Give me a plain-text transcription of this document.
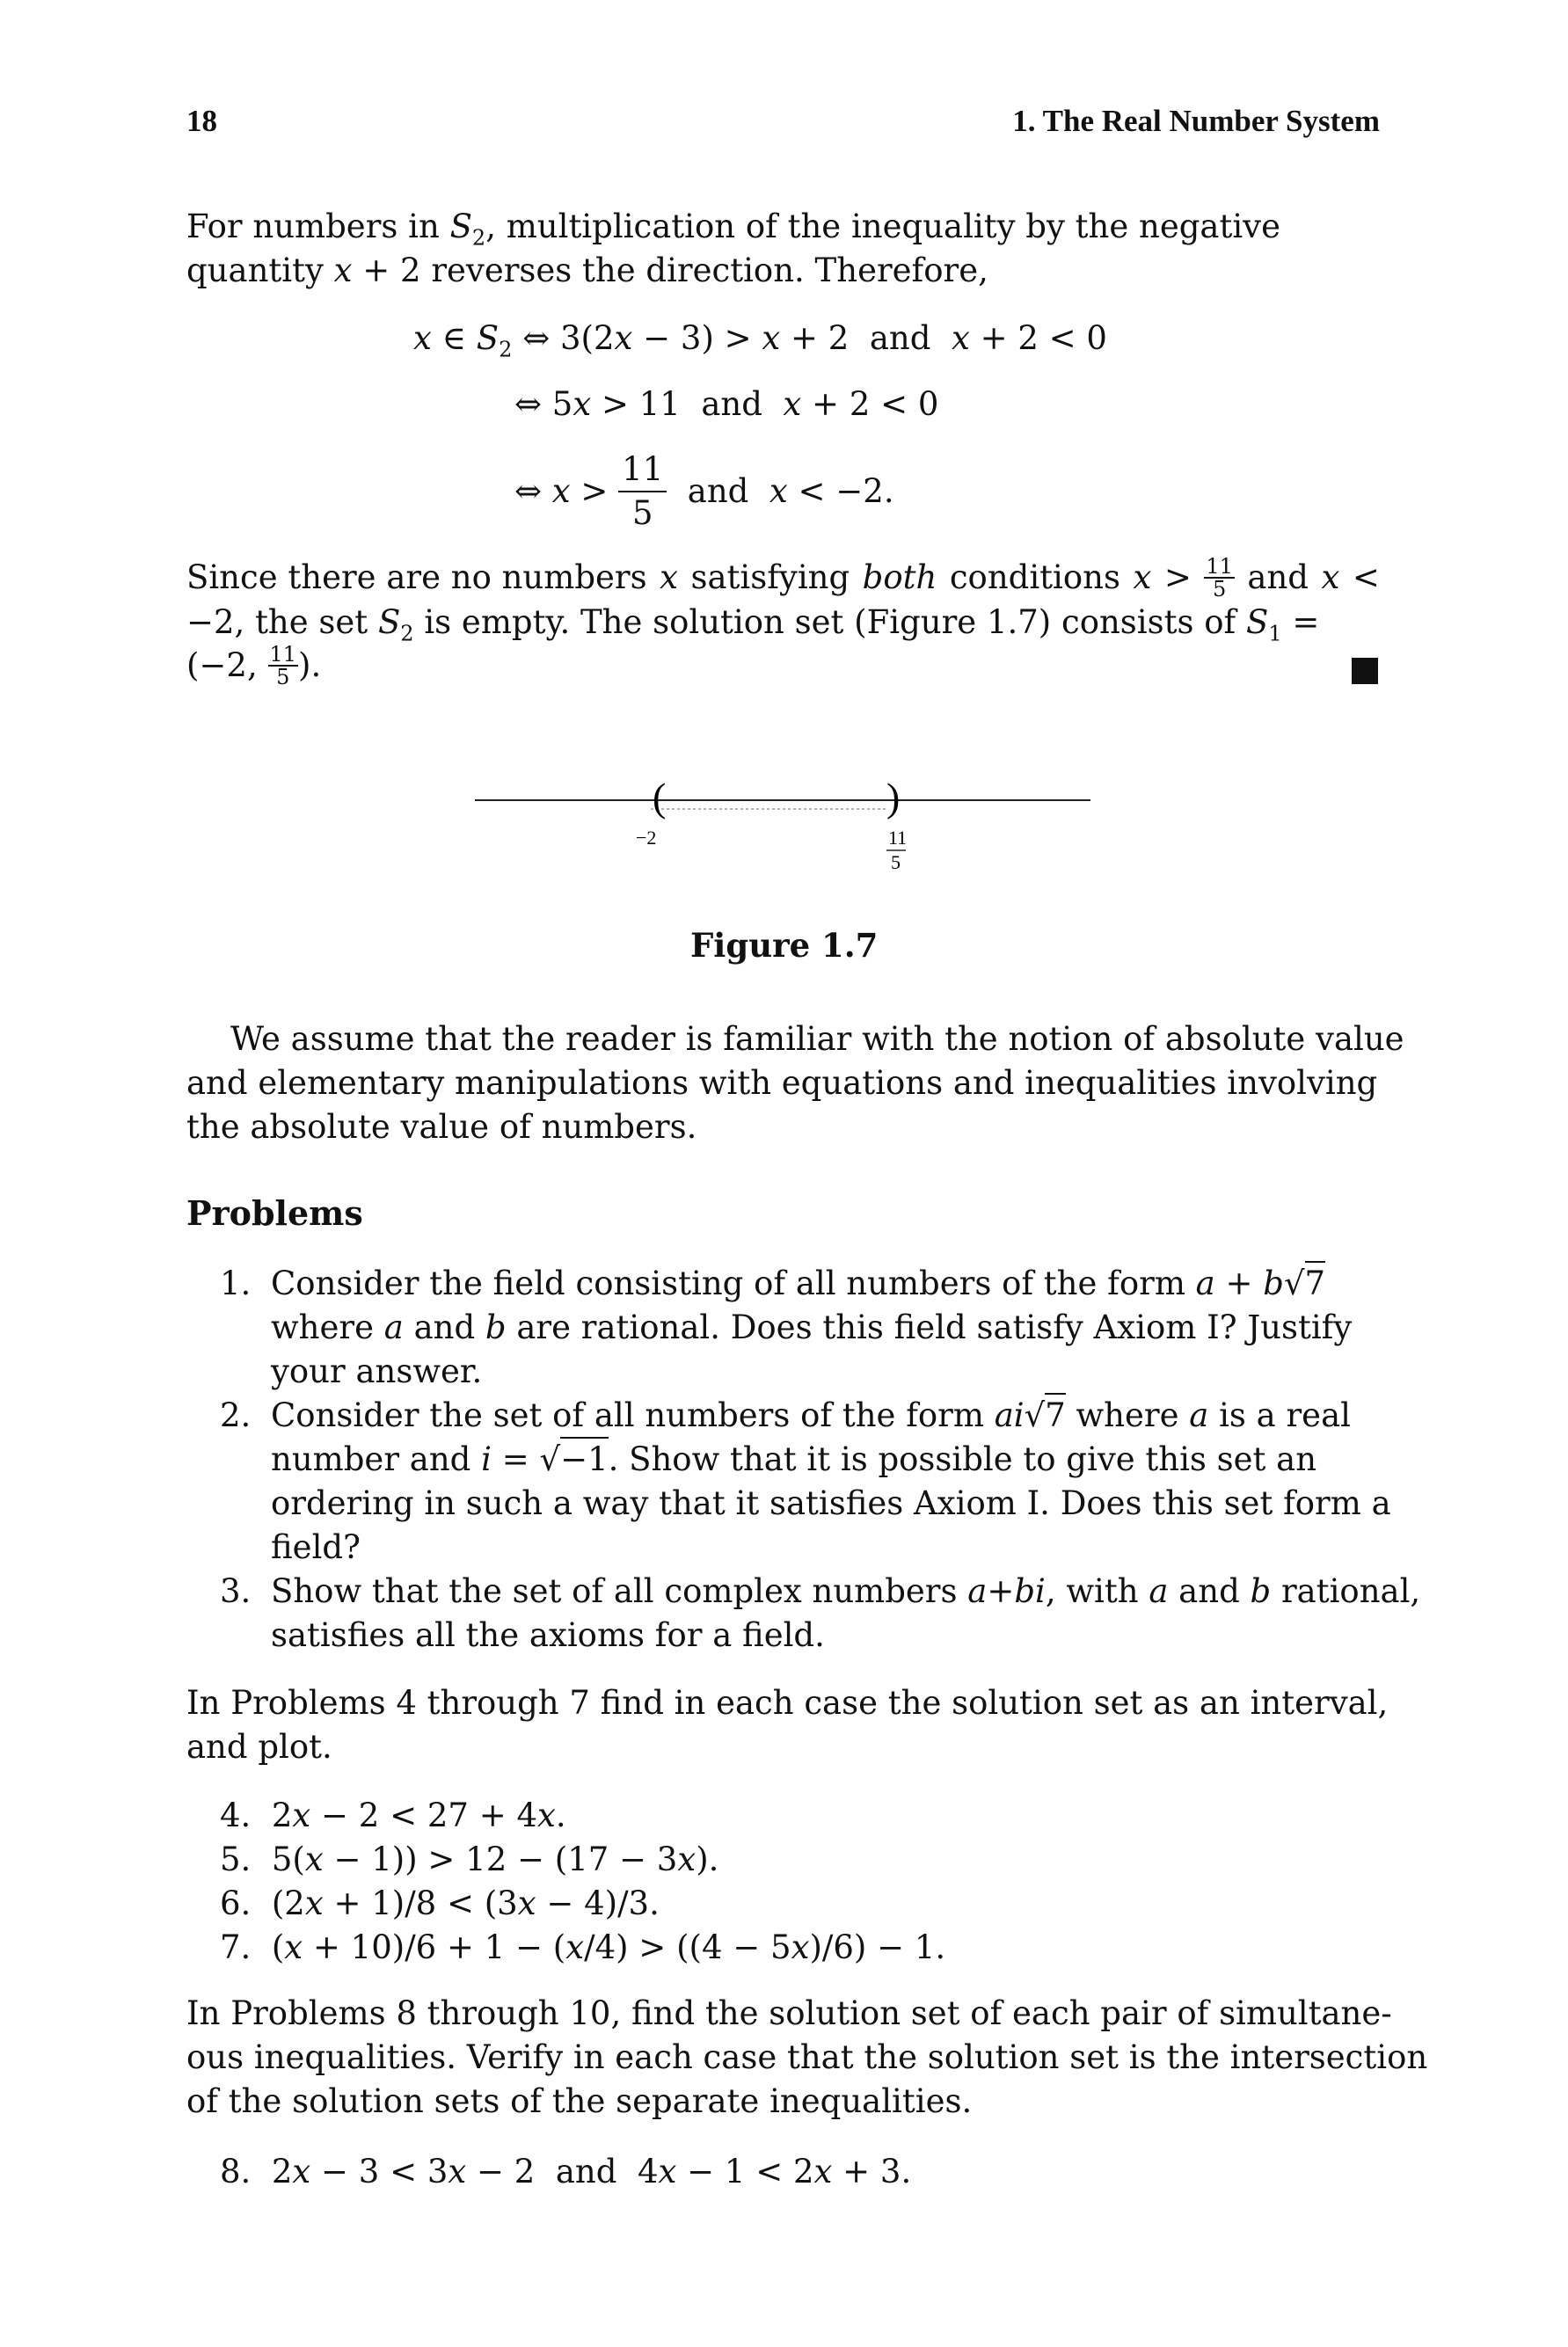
18	1. The Real Number System
For numbers in $S_2$, multiplication of the inequality by the negative
quantity x + 2 reverses the direction. Therefore,
x ∈ $S_2$ ⇔ 3(2x − 3) > x + 2  and  x + 2 < 0
⇔ 5x > 11  and  x + 2 < 0
⇔ x >
11
5
and x < −2.
Since there are no numbers x satisfying both conditions $x > \frac{11}{5}$ and x <
−2, the set $S_2$ is empty. The solution set (Figure 1.7) consists of $S_1$ =
(−2, $\frac{11}{5}$ ).
(	)
−2	11
5
Figure 1.7
We assume that the reader is familiar with the notion of absolute value
and elementary manipulations with equations and inequalities involving
the absolute value of numbers.
Problems
1. Consider the field consisting of all numbers of the form a + b√7
where a and b are rational. Does this field satisfy Axiom I? Justify
your answer.
2. Consider the set of all numbers of the form ai√7 where a is a real
number and i = √−1. Show that it is possible to give this set an
ordering in such a way that it satisfies Axiom I. Does this set form a
field?
3. Show that the set of all complex numbers a+bi, with a and b rational,
satisfies all the axioms for a field.
In Problems 4 through 7 find in each case the solution set as an interval,
and plot.
4. 2x − 2 < 27 + 4x.
5. 5(x − 1)) > 12 − (17 − 3x).
6. (2x + 1)/8 < (3x − 4)/3.
7. (x + 10)/6 + 1 − (x/4) > ((4 − 5x)/6) − 1.
In Problems 8 through 10, find the solution set of each pair of simultane-
ous inequalities. Verify in each case that the solution set is the intersection
of the solution sets of the separate inequalities.
8. 2x − 3 < 3x − 2  and  4x − 1 < 2x + 3.
